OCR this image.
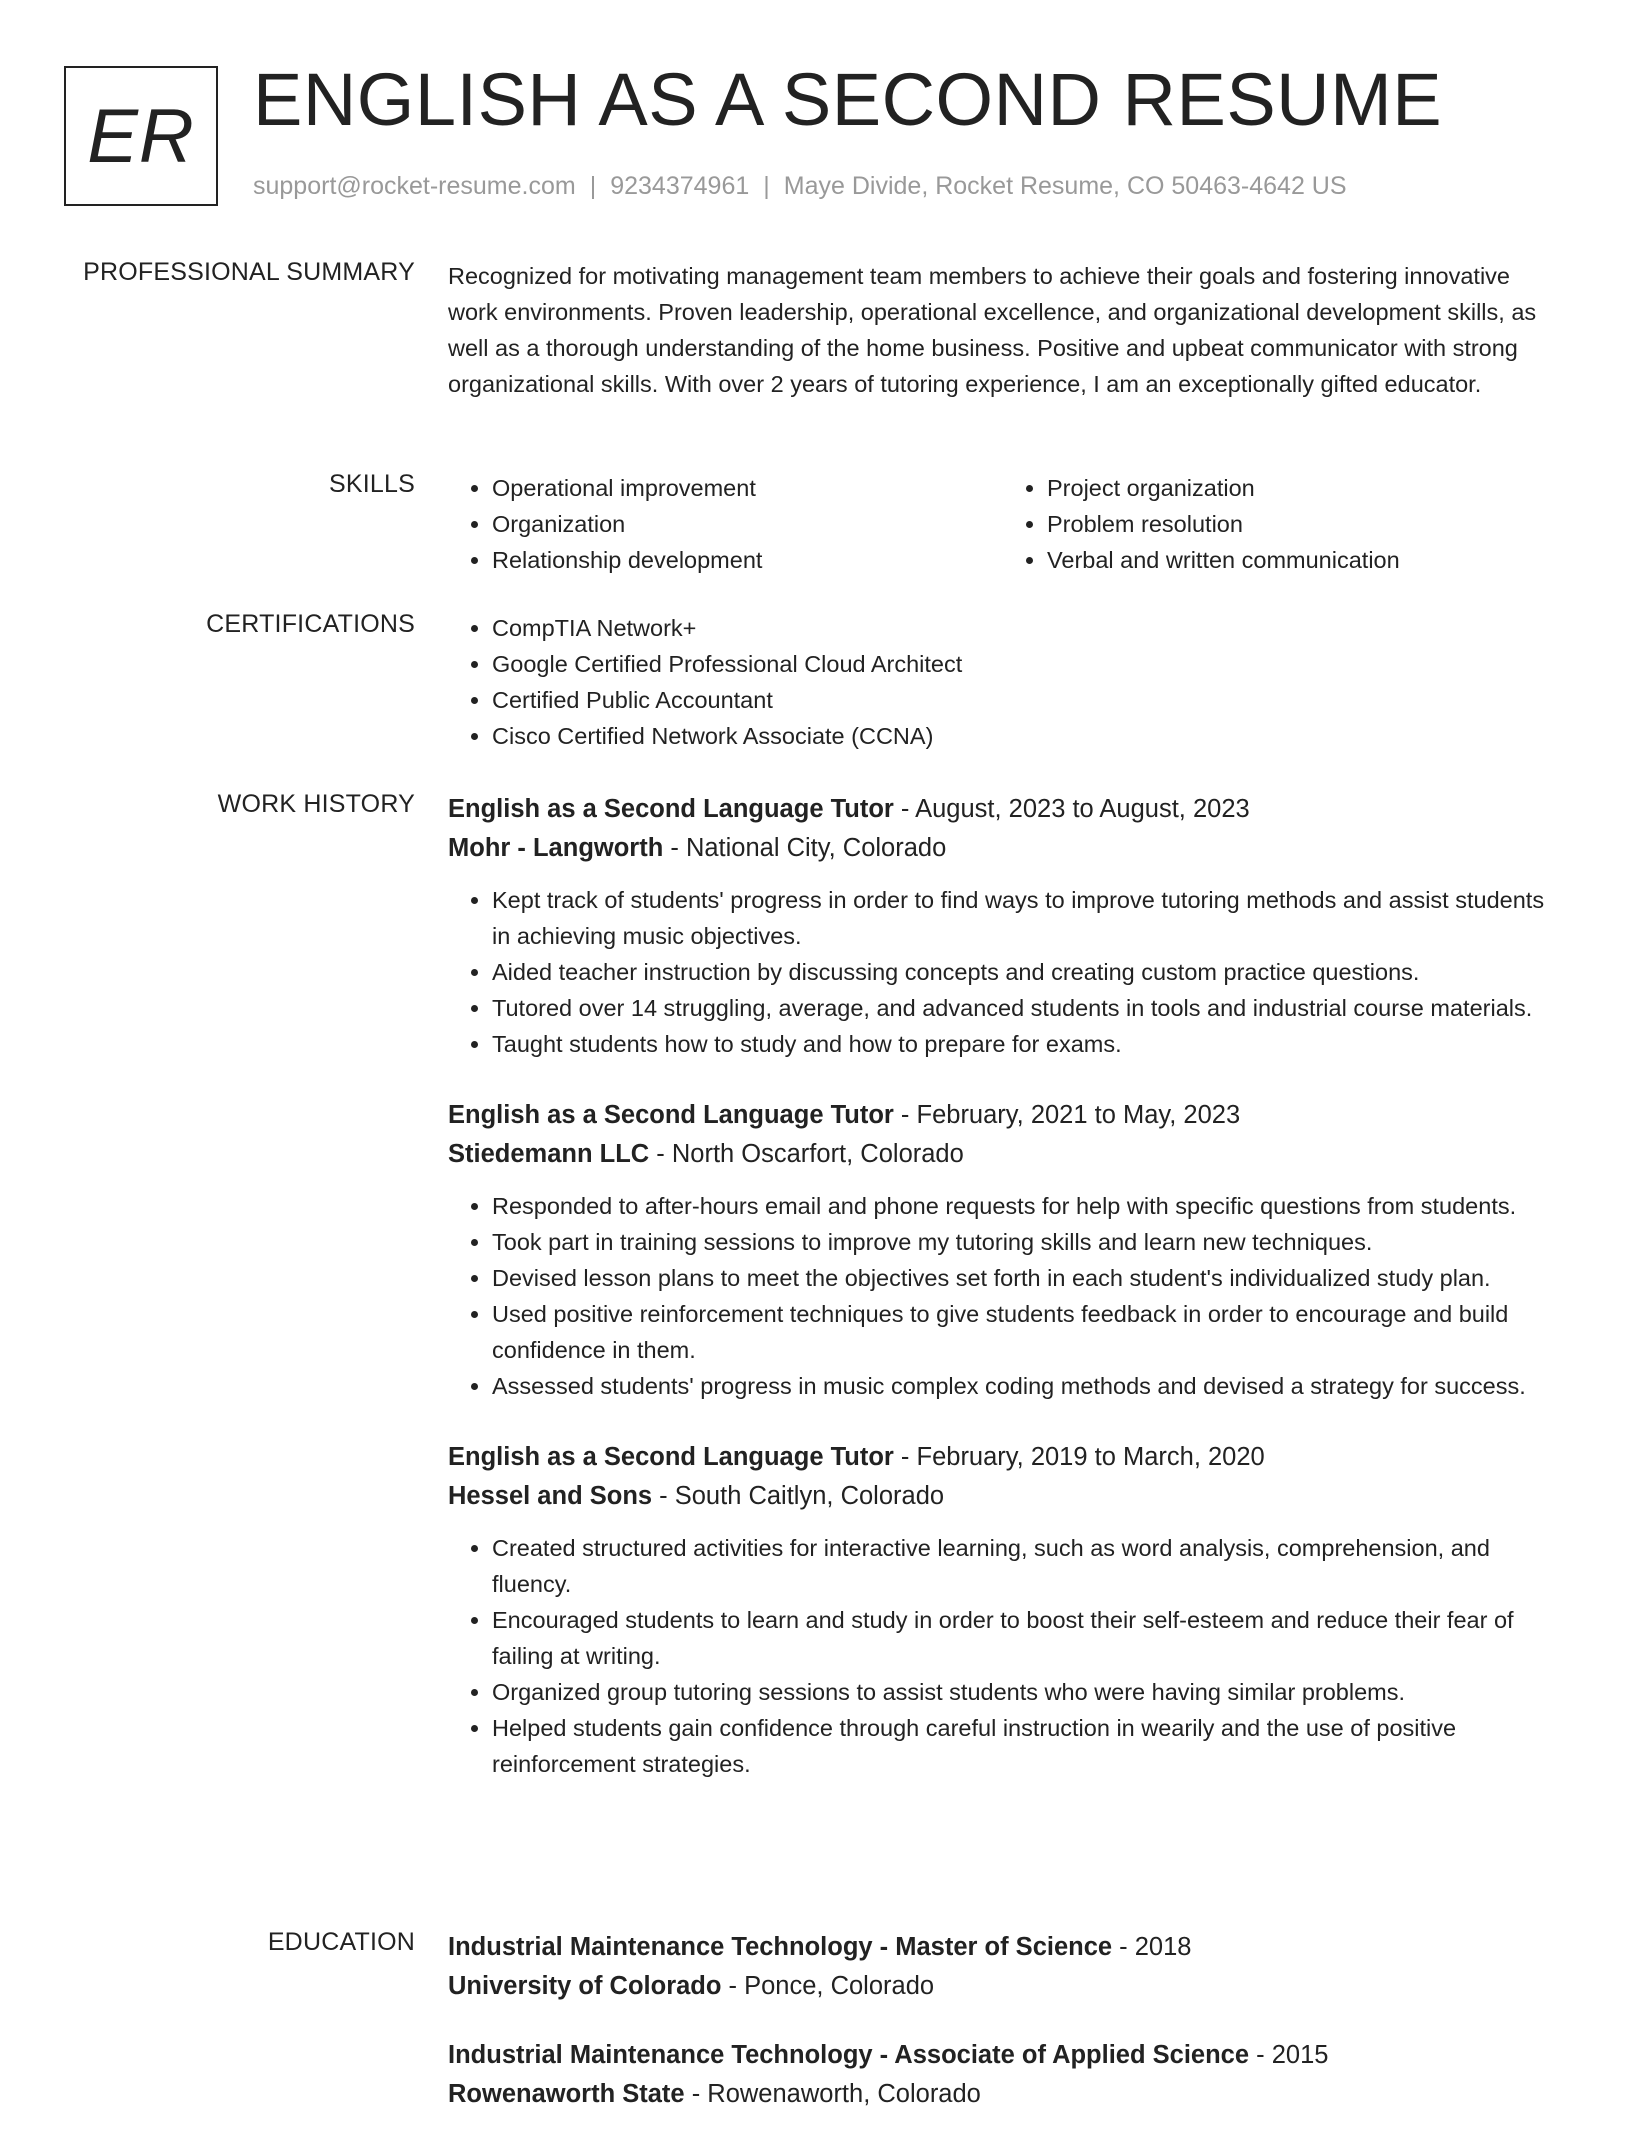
ER ENGLISH AS A SECOND RESUME
support@rocket-resume.com | 9234374961 | Maye Divide, Rocket Resume, CO 50463-4642 US
PROFESSIONAL SUMMARY Recognized for motivating management team members to achieve their goals and fostering innovative work environments. Proven leadership, operational excellence, and organizational development skills, as well as a thorough understanding of the home business. Positive and upbeat communicator with strong organizational skills. With over 2 years of tutoring experience, I am an exceptionally gifted educator.
SKILLS	• Operational improvement
• Organization
• Relationship development
• Project organization
• Problem resolution
• Verbal and written communication
CERTIFICATIONS	• CompTIA Network+
• Google Certified Professional Cloud Architect
• Certified Public Accountant
• Cisco Certified Network Associate (CCNA)
WORK HISTORY English as a Second Language Tutor - August, 2023 to August, 2023
Mohr - Langworth - National City, Colorado
• Kept track of students' progress in order to find ways to improve tutoring methods and assist students in achieving music objectives.
• Aided teacher instruction by discussing concepts and creating custom practice questions.
• Tutored over 14 struggling, average, and advanced students in tools and industrial course materials.
• Taught students how to study and how to prepare for exams.
English as a Second Language Tutor - February, 2021 to May, 2023
Stiedemann LLC - North Oscarfort, Colorado
• Responded to after-hours email and phone requests for help with specific questions from students.
• Took part in training sessions to improve my tutoring skills and learn new techniques.
• Devised lesson plans to meet the objectives set forth in each student's individualized study plan.
• Used positive reinforcement techniques to give students feedback in order to encourage and build confidence in them.
• Assessed students' progress in music complex coding methods and devised a strategy for success.
English as a Second Language Tutor - February, 2019 to March, 2020
Hessel and Sons - South Caitlyn, Colorado
• Created structured activities for interactive learning, such as word analysis, comprehension, and fluency.
• Encouraged students to learn and study in order to boost their self-esteem and reduce their fear of failing at writing.
• Organized group tutoring sessions to assist students who were having similar problems.
• Helped students gain confidence through careful instruction in wearily and the use of positive reinforcement strategies.
EDUCATION Industrial Maintenance Technology - Master of Science - 2018
University of Colorado - Ponce, Colorado
Industrial Maintenance Technology - Associate of Applied Science - 2015
Rowenaworth State - Rowenaworth, Colorado
